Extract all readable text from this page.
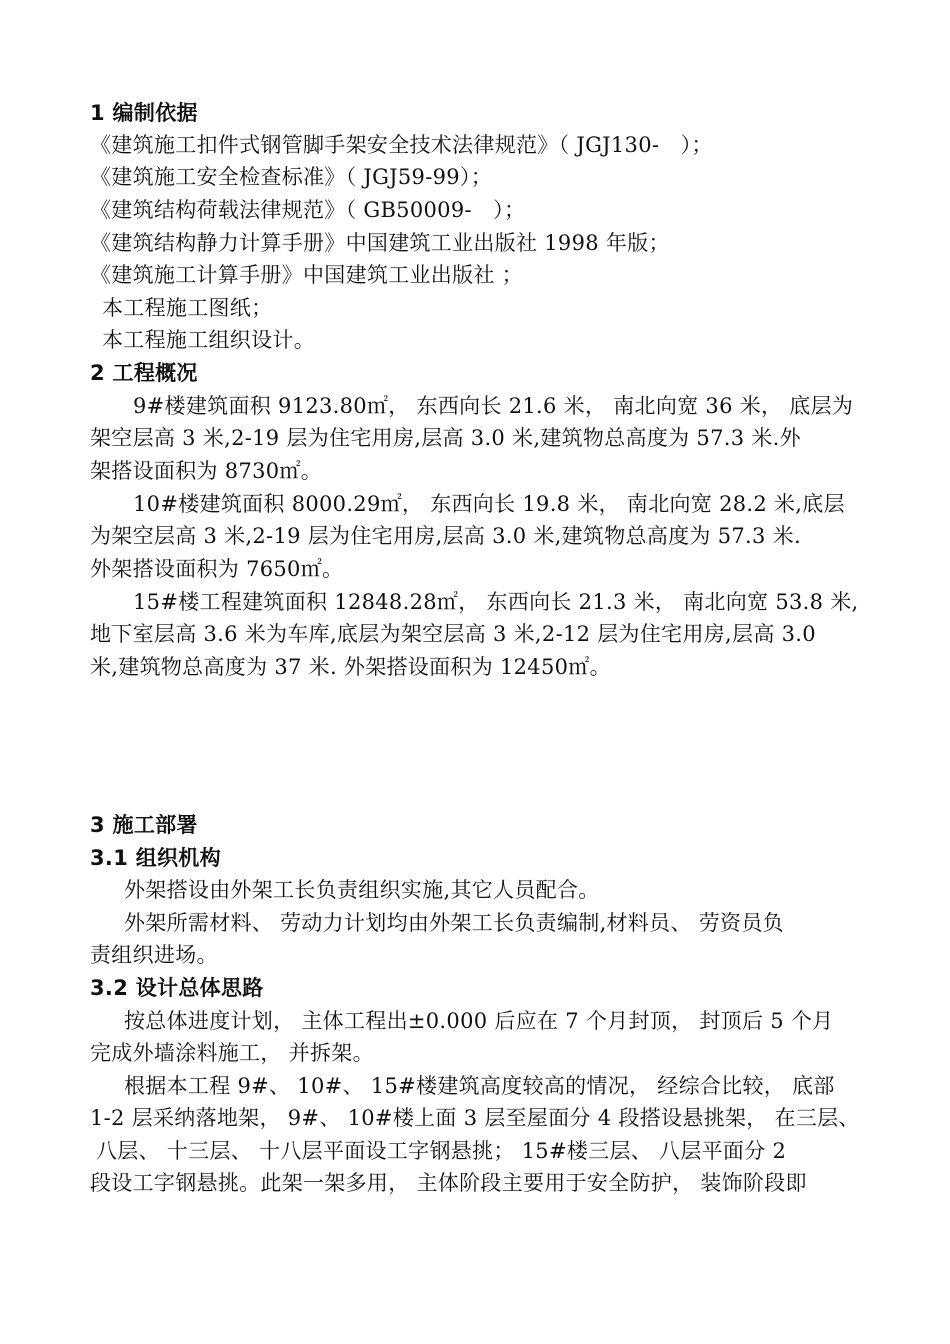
1 编制依据
《建筑施工扣件式钢管脚手架安全技术法律规范》（ JGJ130-　）；
《建筑施工安全检查标准》（ JGJ59-99）；
《建筑结构荷载法律规范》（ GB50009-　）；
《建筑结构静力计算手册》中国建筑工业出版社 1998 年版；
《建筑施工计算手册》中国建筑工业出版社 ；
本工程施工图纸；
本工程施工组织设计。
2 工程概况
9#楼建筑面积 9123.80㎡， 东西向长 21.6 米， 南北向宽 36 米， 底层为
架空层高 3 米,2-19 层为住宅用房,层高 3.0 米,建筑物总高度为 57.3 米.外
架搭设面积为 8730㎡。
10#楼建筑面积 8000.29㎡， 东西向长 19.8 米， 南北向宽 28.2 米,底层
为架空层高 3 米,2-19 层为住宅用房,层高 3.0 米,建筑物总高度为 57.3 米.
外架搭设面积为 7650㎡。
15#楼工程建筑面积 12848.28㎡， 东西向长 21.3 米， 南北向宽 53.8 米,
地下室层高 3.6 米为车库,底层为架空层高 3 米,2-12 层为住宅用房,层高 3.0
米,建筑物总高度为 37 米. 外架搭设面积为 12450㎡。
3 施工部署
3.1 组织机构
外架搭设由外架工长负责组织实施,其它人员配合。
外架所需材料、 劳动力计划均由外架工长负责编制,材料员、 劳资员负
责组织进场。
3.2 设计总体思路
按总体进度计划， 主体工程出±0.000 后应在 7 个月封顶， 封顶后 5 个月
完成外墙涂料施工， 并拆架。
根据本工程 9#、 10#、 15#楼建筑高度较高的情况， 经综合比较， 底部
1-2 层采纳落地架， 9#、 10#楼上面 3 层至屋面分 4 段搭设悬挑架， 在三层、
八层、 十三层、 十八层平面设工字钢悬挑； 15#楼三层、 八层平面分 2
段设工字钢悬挑。此架一架多用， 主体阶段主要用于安全防护， 装饰阶段即
